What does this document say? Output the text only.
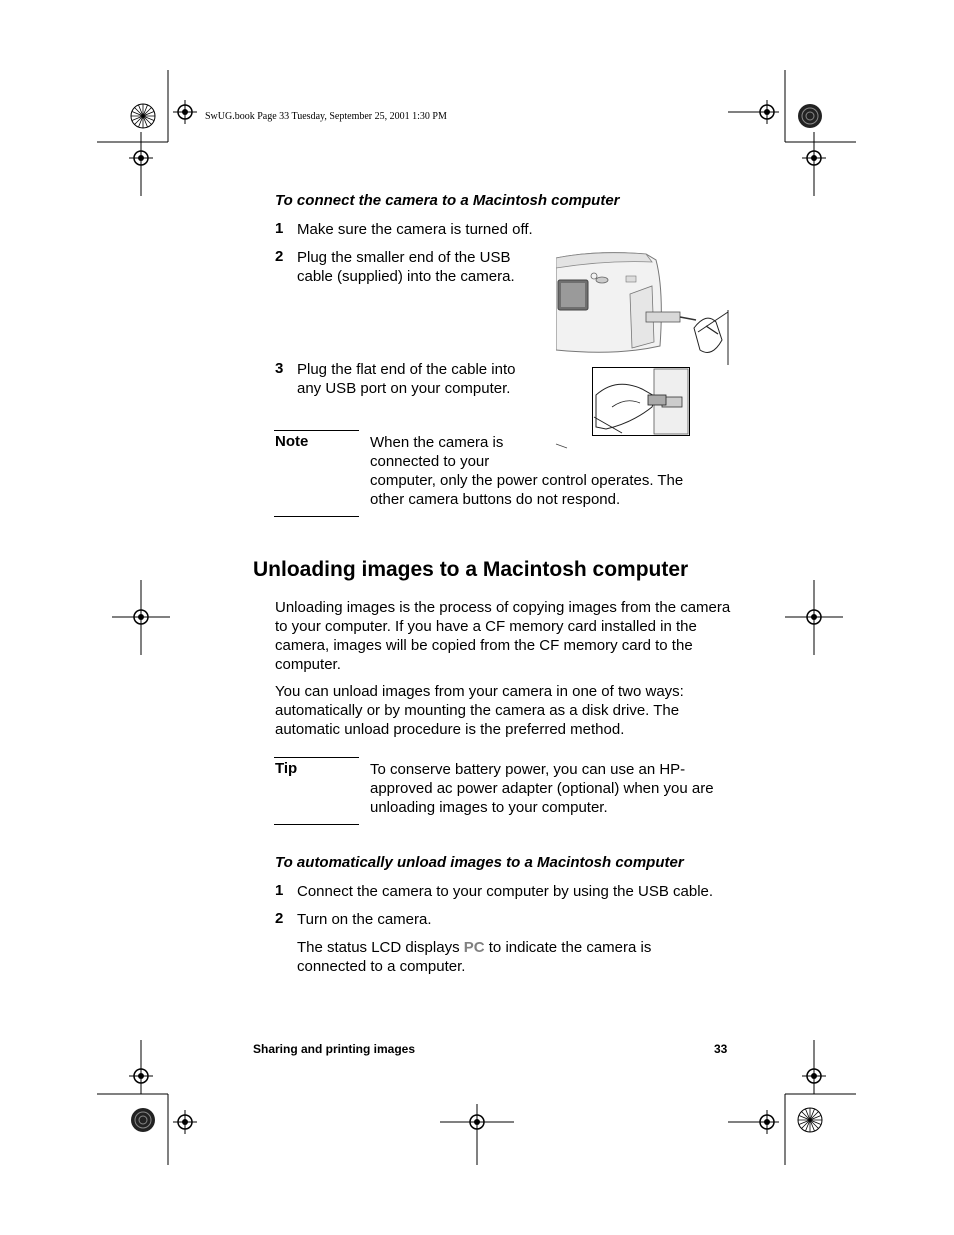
SwUG.book Page 33 Tuesday, September 25, 2001 1:30 PM
To connect the camera to a Macintosh computer
1 Make sure the camera is turned off.
2 Plug the smaller end of the USB
cable (supplied) into the camera.
3 Plug the flat end of the cable into
any USB port on your computer.
Note	When the camera is
connected to your
computer, only the power control operates. The
other camera buttons do not respond.
Unloading images to a Macintosh computer
Unloading images is the process of copying images from the camera to your computer. If you have a CF memory card installed in the camera, images will be copied from the CF memory card to the computer.
You can unload images from your camera in one of two ways: automatically or by mounting the camera as a disk drive. The automatic unload procedure is the preferred method.
Tip	To conserve battery power, you can use an HP-approved ac power adapter (optional) when you are unloading images to your computer.
To automatically unload images to a Macintosh computer
1 Connect the camera to your computer by using the USB cable.
2 Turn on the camera.
The status LCD displays PC to indicate the camera is connected to a computer.
Sharing and printing images	33
